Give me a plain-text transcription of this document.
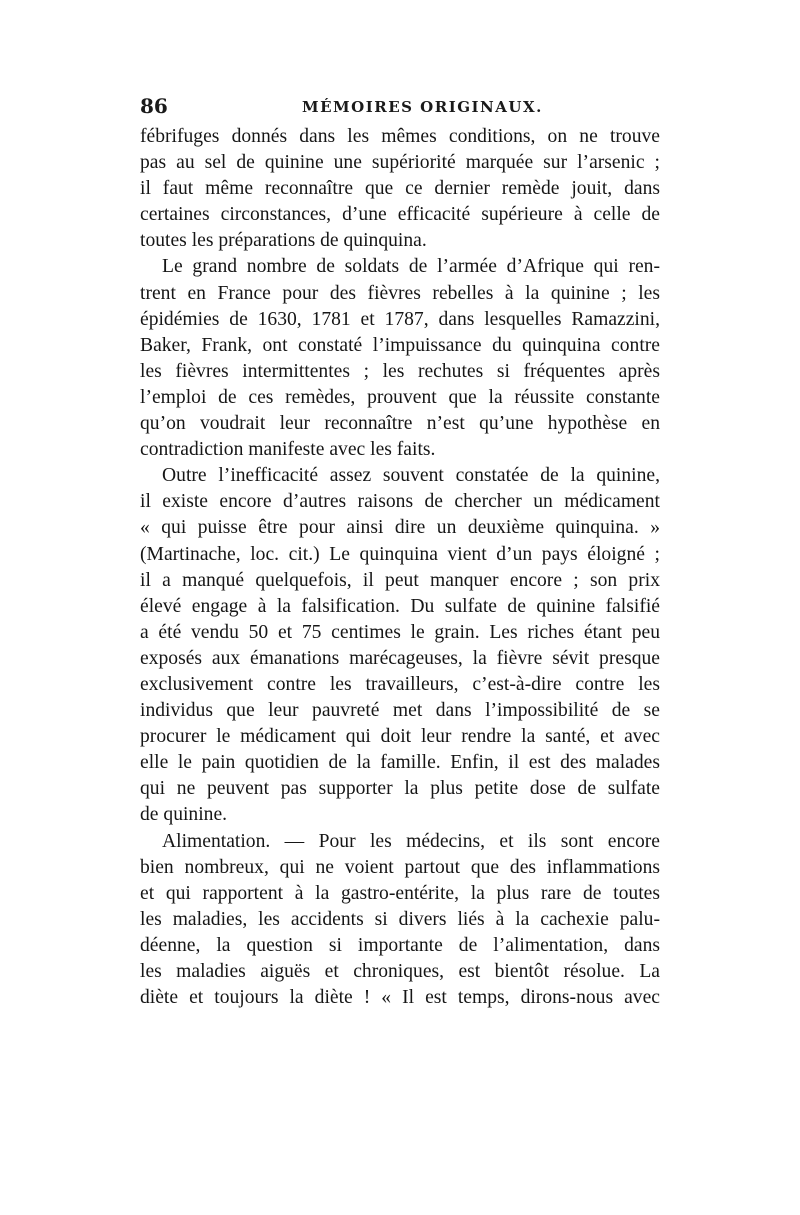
86	MÉMOIRES ORIGINAUX.
fébrifuges donnés dans les mêmes conditions, on ne trouve
pas au sel de quinine une supériorité marquée sur l’arsenic ;
il faut même reconnaître que ce dernier remède jouit, dans
certaines circonstances, d’une efficacité supérieure à celle de
toutes les préparations de quinquina.
Le grand nombre de soldats de l’armée d’Afrique qui ren-
trent en France pour des fièvres rebelles à la quinine ; les
épidémies de 1630, 1781 et 1787, dans lesquelles Ramazzini,
Baker, Frank, ont constaté l’impuissance du quinquina contre
les fièvres intermittentes ; les rechutes si fréquentes après
l’emploi de ces remèdes, prouvent que la réussite constante
qu’on voudrait leur reconnaître n’est qu’une hypothèse en
contradiction manifeste avec les faits.
Outre l’inefficacité assez souvent constatée de la quinine,
il existe encore d’autres raisons de chercher un médicament
« qui puisse être pour ainsi dire un deuxième quinquina. »
(Martinache, loc. cit.) Le quinquina vient d’un pays éloigné ;
il a manqué quelquefois, il peut manquer encore ; son prix
élevé engage à la falsification. Du sulfate de quinine falsifié
a été vendu 50 et 75 centimes le grain. Les riches étant peu
exposés aux émanations marécageuses, la fièvre sévit presque
exclusivement contre les travailleurs, c’est-à-dire contre les
individus que leur pauvreté met dans l’impossibilité de se
procurer le médicament qui doit leur rendre la santé, et avec
elle le pain quotidien de la famille. Enfin, il est des malades
qui ne peuvent pas supporter la plus petite dose de sulfate
de quinine.
Alimentation. — Pour les médecins, et ils sont encore
bien nombreux, qui ne voient partout que des inflammations
et qui rapportent à la gastro-entérite, la plus rare de toutes
les maladies, les accidents si divers liés à la cachexie palu-
déenne, la question si importante de l’alimentation, dans
les maladies aiguës et chroniques, est bientôt résolue. La
diète et toujours la diète ! « Il est temps, dirons-nous avec
